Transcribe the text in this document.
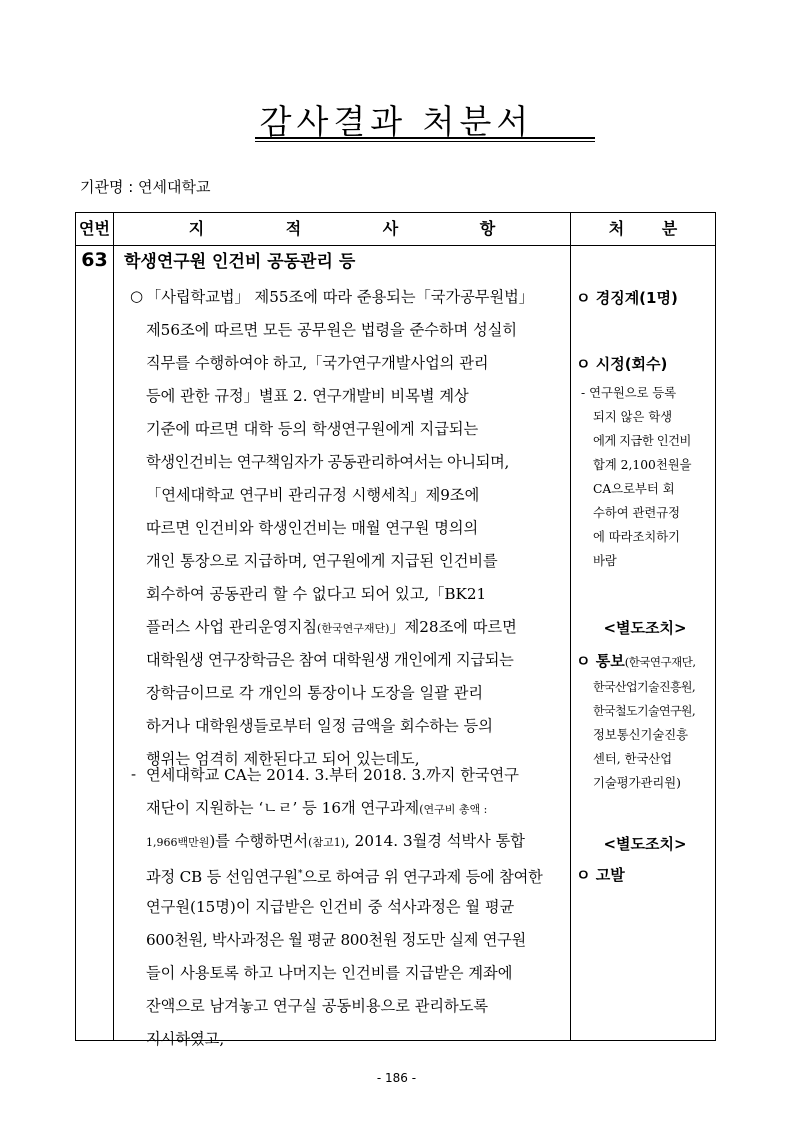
감사결과 처분서
기관명 : 연세대학교
연번	지 적 사 항	처 분
63 학생연구원 인건비 공동관리 등
○ 「사립학교법」 제55조에 따라 준용되는「국가공무원법」
제56조에 따르면 모든 공무원은 법령을 준수하며 성실히
직무를 수행하여야 하고,「국가연구개발사업의 관리
등에 관한 규정」별표 2. 연구개발비 비목별 계상
기준에 따르면 대학 등의 학생연구원에게 지급되는
학생인건비는 연구책임자가 공동관리하여서는 아니되며,
「연세대학교 연구비 관리규정 시행세칙」제9조에
따르면 인건비와 학생인건비는 매월 연구원 명의의
개인 통장으로 지급하며, 연구원에게 지급된 인건비를
회수하여 공동관리 할 수 없다고 되어 있고,「BK21
플러스 사업 관리운영지침(한국연구재단)」제28조에 따르면
대학원생 연구장학금은 참여 대학원생 개인에게 지급되는
장학금이므로 각 개인의 통장이나 도장을 일괄 관리
하거나 대학원생들로부터 일정 금액을 회수하는 등의
행위는 엄격히 제한된다고 되어 있는데도,
- 연세대학교 CA는 2014. 3.부터 2018. 3.까지 한국연구
재단이 지원하는 ‘ㄴㄹ’ 등 16개 연구과제(연구비 총액 :
1,966백만원)를 수행하면서(참고1), 2014. 3월경 석박사 통합
과정 CB 등 선임연구원*으로 하여금 위 연구과제 등에 참여한
연구원(15명)이 지급받은 인건비 중 석사과정은 월 평균
600천원, 박사과정은 월 평균 800천원 정도만 실제 연구원
들이 사용토록 하고 나머지는 인건비를 지급받은 계좌에
잔액으로 남겨놓고 연구실 공동비용으로 관리하도록
지시하였고,
ㅇ 경징계(1명)
ㅇ 시정(회수)
- 연구원으로 등록
되지 않은 학생
에게 지급한 인건비
합계 2,100천원을
CA으로부터 회
수하여 관련규정
에 따라조치하기
바람
<별도조치>
ㅇ 통보(한국연구재단,
한국산업기술진흥원,
한국철도기술연구원,
정보통신기술진흥
센터, 한국산업
기술평가관리원)
<별도조치>
ㅇ 고발
- 186 -
